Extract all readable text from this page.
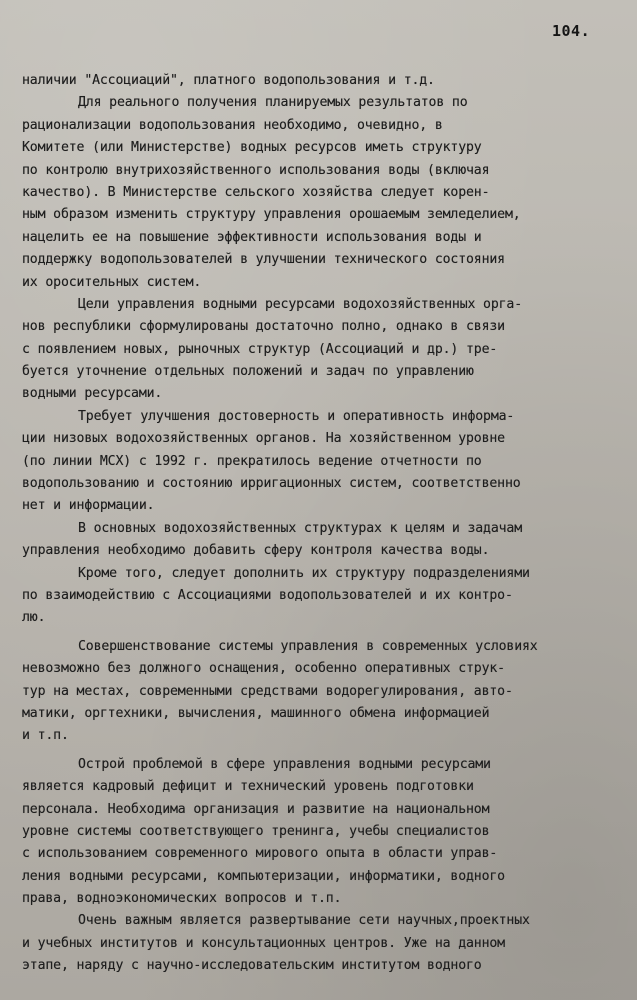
104.
наличии "Ассоциаций", платного водопользования и т.д.
Для реального получения планируемых результатов по
рационализации водопользования необходимо, очевидно, в
Комитете (или Министерстве) водных ресурсов иметь структуру
по контролю внутрихозяйственного использования воды (включая
качество). В Министерстве сельского хозяйства следует корен-
ным образом изменить структуру управления орошаемым земледелием,
нацелить ее на повышение эффективности использования воды и
поддержку водопользователей в улучшении технического состояния
их оросительных систем.
Цели управления водными ресурсами водохозяйственных орга-
нов республики сформулированы достаточно полно, однако в связи
с появлением новых, рыночных структур (Ассоциаций и др.) тре-
буется уточнение отдельных положений и задач по управлению
водными ресурсами.
Требует улучшения достоверность и оперативность информа-
ции низовых водохозяйственных органов. На хозяйственном уровне
(по линии МСХ) с 1992 г. прекратилось ведение отчетности по
водопользованию и состоянию ирригационных систем, соответственно
нет и информации.
В основных водохозяйственных структурах к целям и задачам
управления необходимо добавить сферу контроля качества воды.
Кроме того, следует дополнить их структуру подразделениями
по взаимодействию с Ассоциациями водопользователей и их контро-
лю.
Совершенствование системы управления в современных условиях
невозможно без должного оснащения, особенно оперативных струк-
тур на местах, современными средствами водорегулирования, авто-
матики, оргтехники, вычисления, машинного обмена информацией
и т.п.
Острой проблемой в сфере управления водными ресурсами
является кадровый дефицит и технический уровень подготовки
персонала. Необходима организация и развитие на национальном
уровне системы соответствующего тренинга, учебы специалистов
с использованием современного мирового опыта в области управ-
ления водными ресурсами, компьютеризации, информатики, водного
права, водноэкономических вопросов и т.п.
Очень важным является развертывание сети научных,проектных
и учебных институтов и консультационных центров. Уже на данном
этапе, наряду с научно-исследовательским институтом водного
